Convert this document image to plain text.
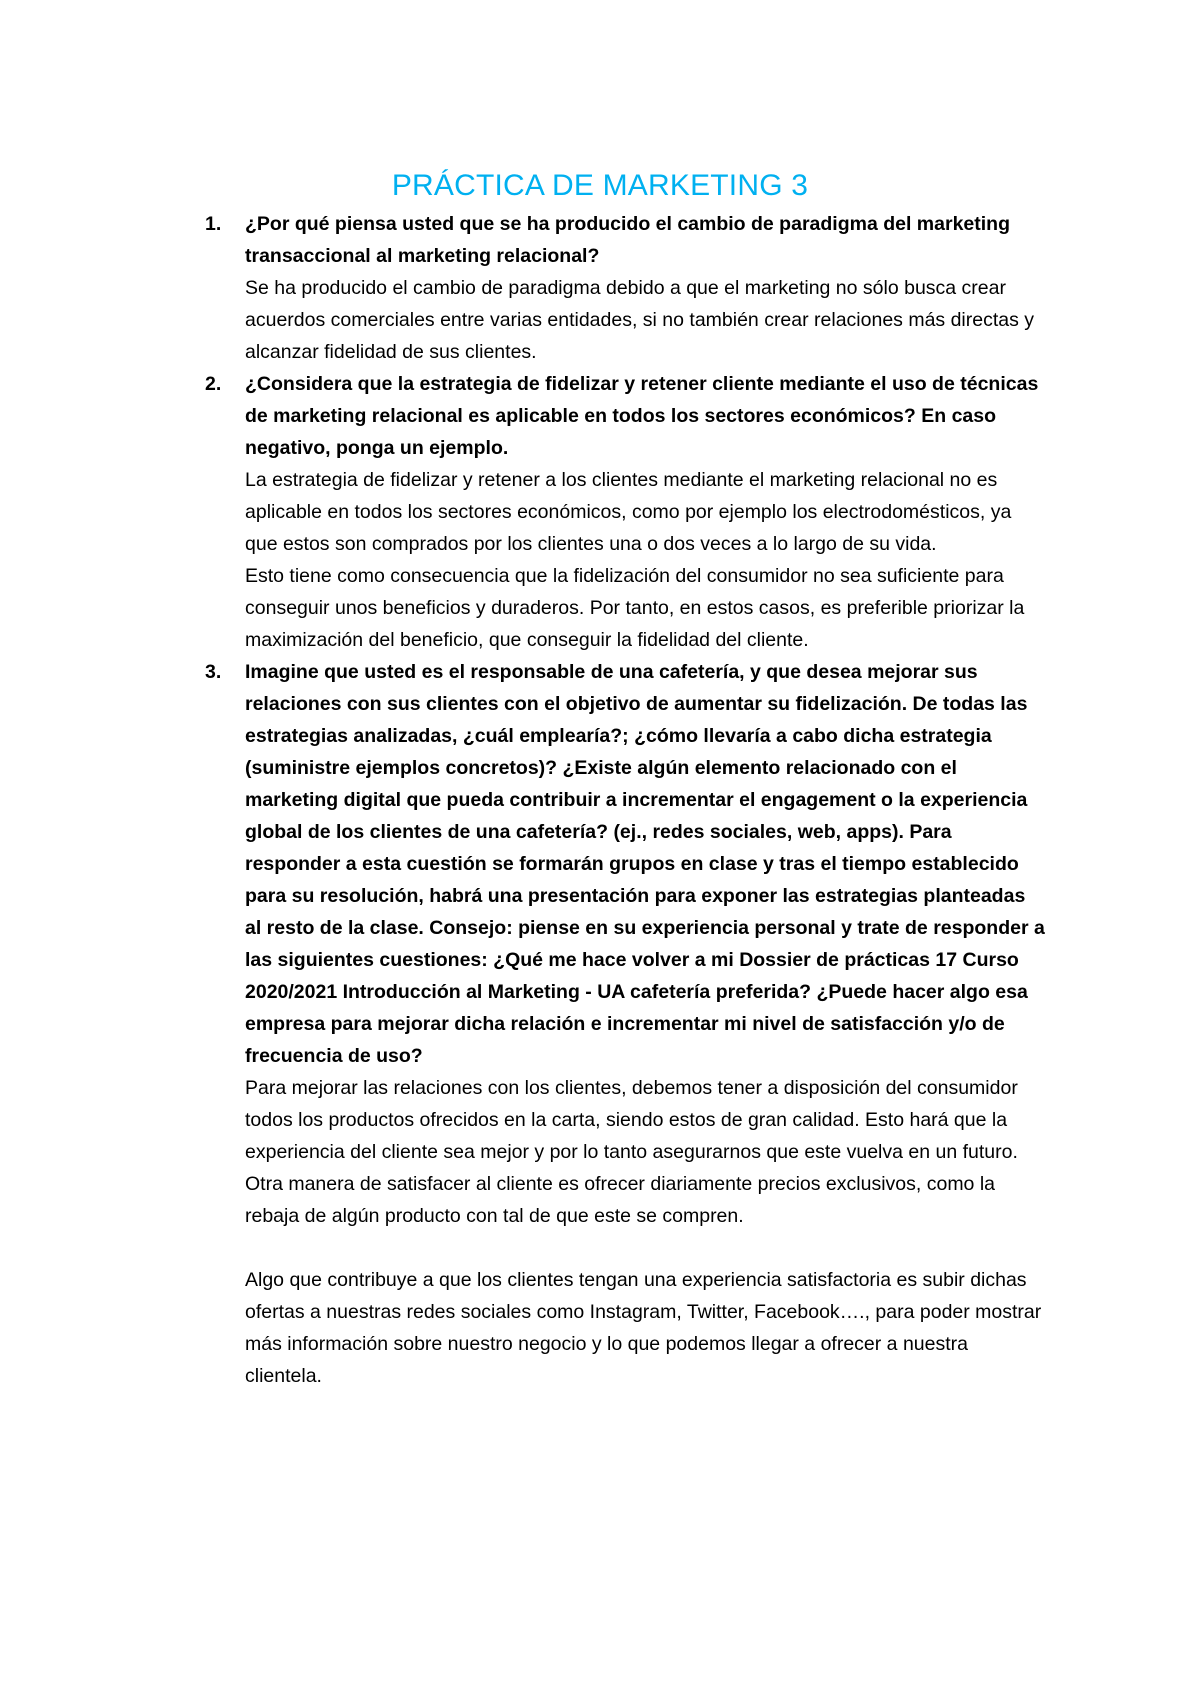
PRÁCTICA DE MARKETING 3
1. ¿Por qué piensa usted que se ha producido el cambio de paradigma del marketing transaccional al marketing relacional?

Se ha producido el cambio de paradigma debido a que el marketing no sólo busca crear acuerdos comerciales entre varias entidades, si no también crear relaciones más directas y alcanzar fidelidad de sus clientes.

2. ¿Considera que la estrategia de fidelizar y retener cliente mediante el uso de técnicas de marketing relacional es aplicable en todos los sectores económicos? En caso negativo, ponga un ejemplo.

La estrategia de fidelizar y retener a los clientes mediante el marketing relacional no es aplicable en todos los sectores económicos, como por ejemplo los electrodomésticos, ya que estos son comprados por los clientes una o dos veces a lo largo de su vida.

Esto tiene como consecuencia que la fidelización del consumidor no sea suficiente para conseguir unos beneficios y duraderos. Por tanto, en estos casos, es preferible priorizar la maximización del beneficio, que conseguir la fidelidad del cliente.

3. Imagine que usted es el responsable de una cafetería, y que desea mejorar sus relaciones con sus clientes con el objetivo de aumentar su fidelización. De todas las estrategias analizadas, ¿cuál emplearía?; ¿cómo llevaría a cabo dicha estrategia (suministre ejemplos concretos)? ¿Existe algún elemento relacionado con el marketing digital que pueda contribuir a incrementar el engagement o la experiencia global de los clientes de una cafetería? (ej., redes sociales, web, apps). Para responder a esta cuestión se formarán grupos en clase y tras el tiempo establecido para su resolución, habrá una presentación para exponer las estrategias planteadas al resto de la clase. Consejo: piense en su experiencia personal y trate de responder a las siguientes cuestiones: ¿Qué me hace volver a mi Dossier de prácticas 17 Curso 2020/2021 Introducción al Marketing - UA cafetería preferida? ¿Puede hacer algo esa empresa para mejorar dicha relación e incrementar mi nivel de satisfacción y/o de frecuencia de uso?

Para mejorar las relaciones con los clientes, debemos tener a disposición del consumidor todos los productos ofrecidos en la carta, siendo estos de gran calidad. Esto hará que la experiencia del cliente sea mejor y por lo tanto asegurarnos que este vuelva en un futuro. Otra manera de satisfacer al cliente es ofrecer diariamente precios exclusivos, como la rebaja de algún producto con tal de que este se compren.

Algo que contribuye a que los clientes tengan una experiencia satisfactoria es subir dichas ofertas a nuestras redes sociales como Instagram, Twitter, Facebook…., para poder mostrar más información sobre nuestro negocio y lo que podemos llegar a ofrecer a nuestra clientela.
